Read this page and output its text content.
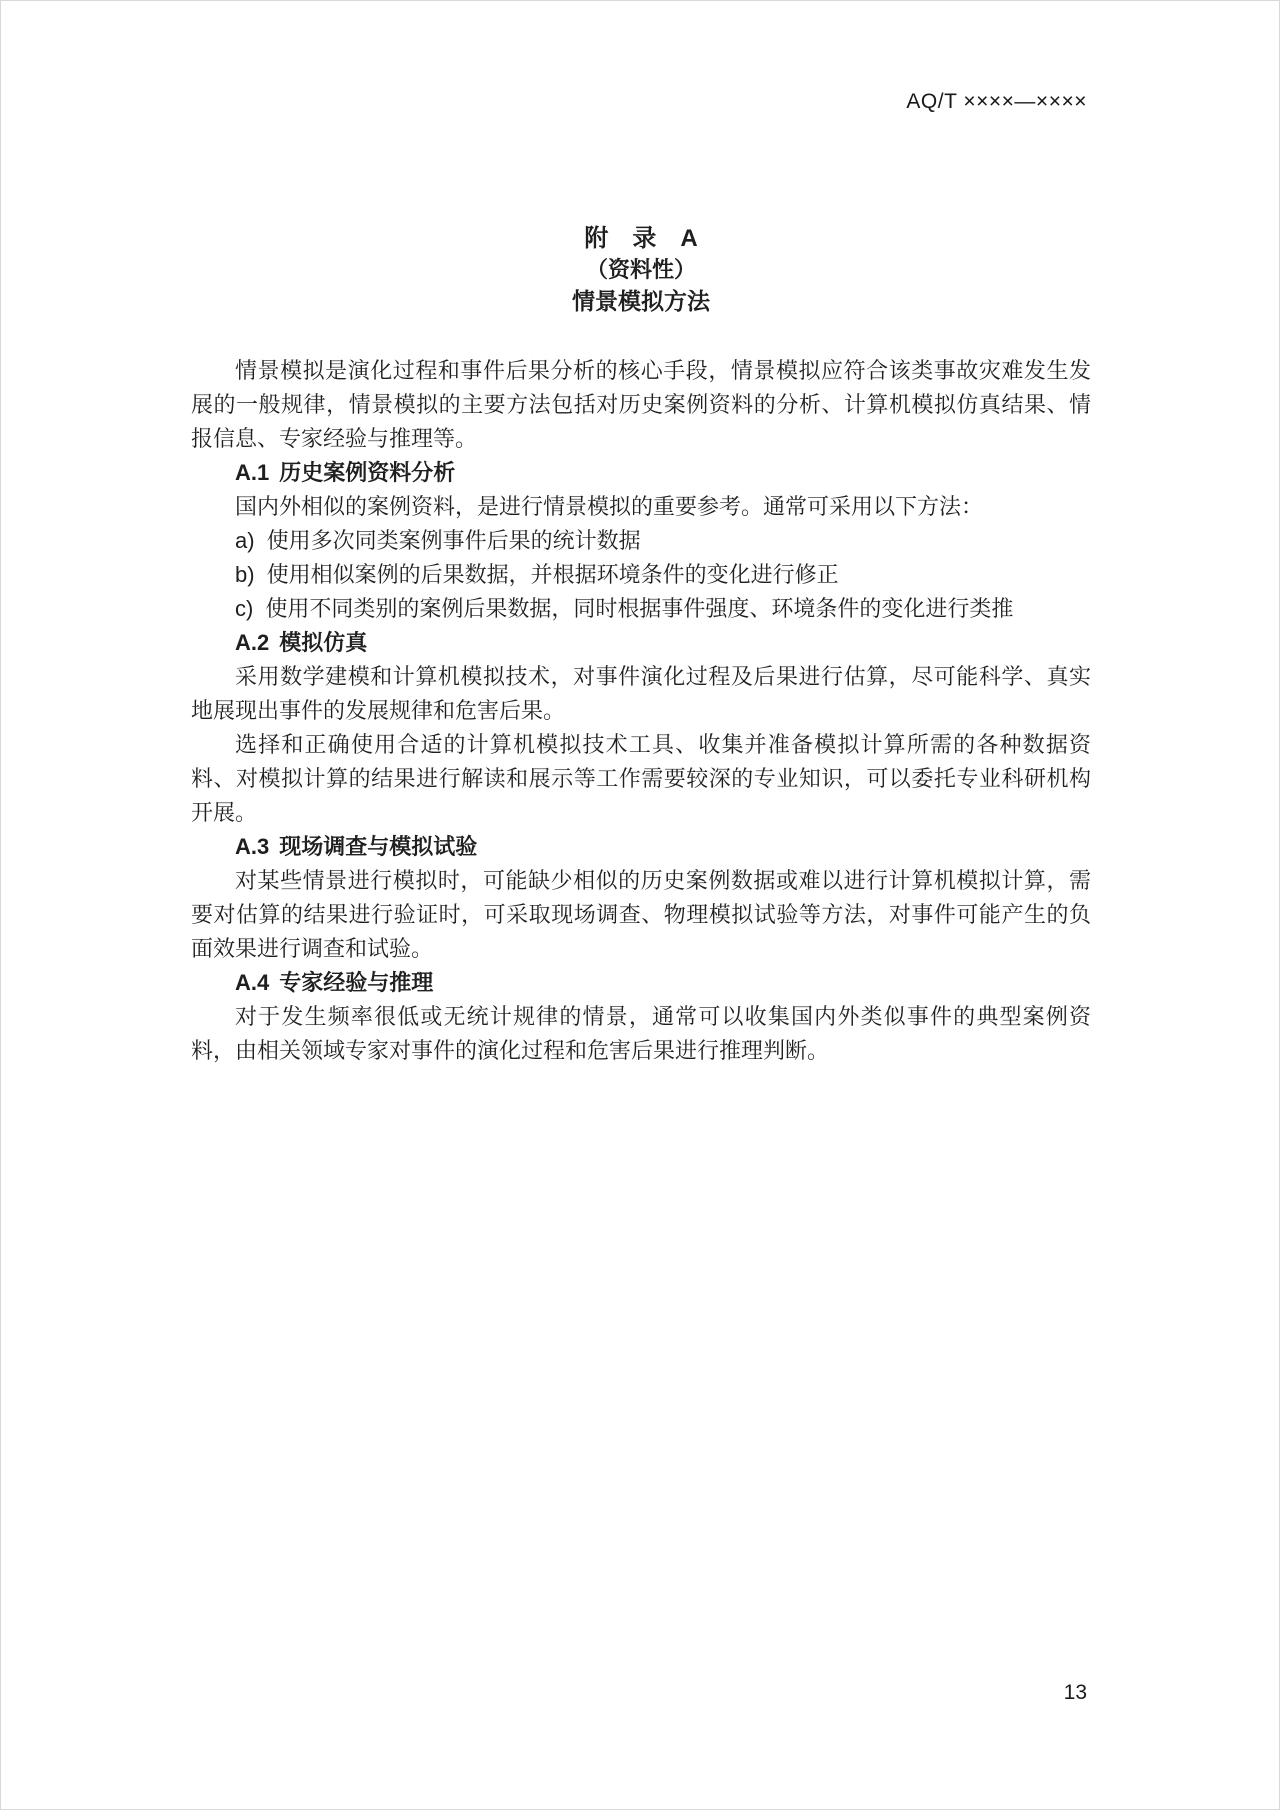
AQ/T ××××—××××
附　录　A
（资料性）
情景模拟方法

情景模拟是演化过程和事件后果分析的核心手段，情景模拟应符合该类事故灾难发生发展的一般规律，情景模拟的主要方法包括对历史案例资料的分析、计算机模拟仿真结果、情报信息、专家经验与推理等。

A.1 历史案例资料分析

国内外相似的案例资料，是进行情景模拟的重要参考。通常可采用以下方法：

a) 使用多次同类案例事件后果的统计数据
b) 使用相似案例的后果数据，并根据环境条件的变化进行修正
c) 使用不同类别的案例后果数据，同时根据事件强度、环境条件的变化进行类推
A.2 模拟仿真

采用数学建模和计算机模拟技术，对事件演化过程及后果进行估算，尽可能科学、真实地展现出事件的发展规律和危害后果。

选择和正确使用合适的计算机模拟技术工具、收集并准备模拟计算所需的各种数据资料、对模拟计算的结果进行解读和展示等工作需要较深的专业知识，可以委托专业科研机构开展。

A.3 现场调查与模拟试验

对某些情景进行模拟时，可能缺少相似的历史案例数据或难以进行计算机模拟计算，需要对估算的结果进行验证时，可采取现场调查、物理模拟试验等方法，对事件可能产生的负面效果进行调查和试验。

A.4 专家经验与推理

对于发生频率很低或无统计规律的情景，通常可以收集国内外类似事件的典型案例资料，由相关领域专家对事件的演化过程和危害后果进行推理判断。

13
